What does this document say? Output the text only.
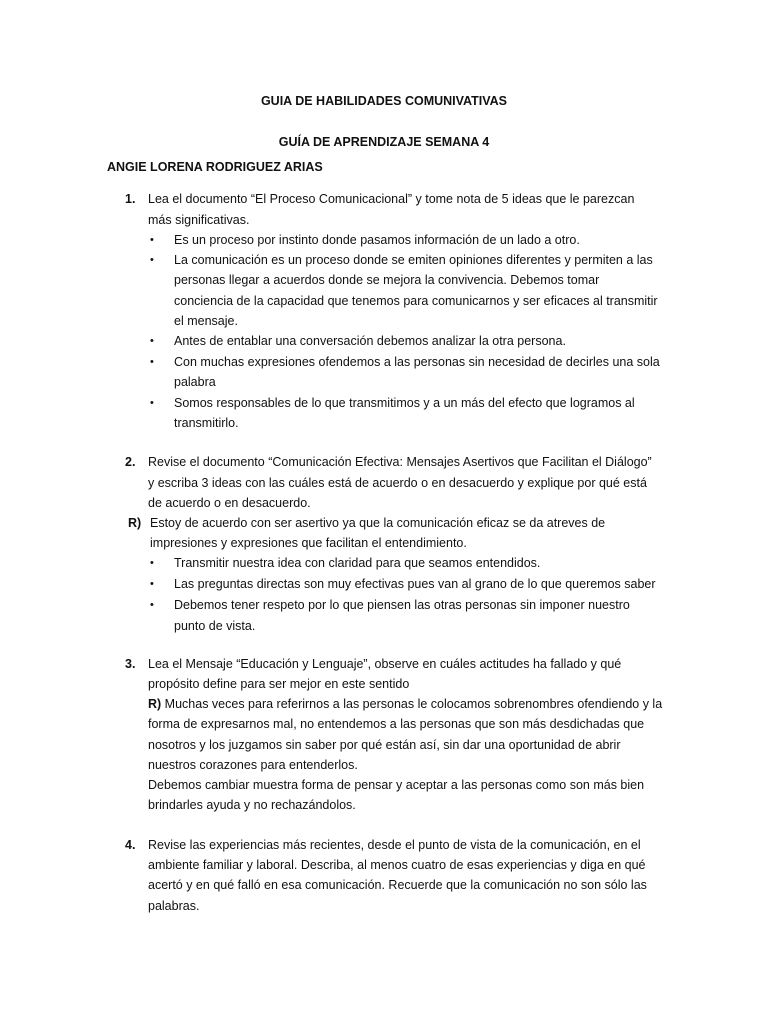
GUIA DE HABILIDADES COMUNIVATIVAS
GUÍA DE APRENDIZAJE SEMANA 4
ANGIE LORENA RODRIGUEZ ARIAS
1. Lea el documento “El Proceso Comunicacional” y tome nota de 5 ideas que le parezcan
más significativas.
• Es un proceso por instinto donde pasamos información de un lado a otro.
• La comunicación es un proceso donde se emiten opiniones diferentes y permiten a las
personas llegar a acuerdos donde se mejora la convivencia. Debemos tomar
conciencia de la capacidad que tenemos para comunicarnos y ser eficaces al transmitir
el mensaje.
• Antes de entablar una conversación debemos analizar la otra persona.
• Con muchas expresiones ofendemos a las personas sin necesidad de decirles una sola
palabra
• Somos responsables de lo que transmitimos y a un más del efecto que logramos al
transmitirlo.
2. Revise el documento “Comunicación Efectiva: Mensajes Asertivos que Facilitan el Diálogo”
y escriba 3 ideas con las cuáles está de acuerdo o en desacuerdo y explique por qué está
de acuerdo o en desacuerdo.
R) Estoy de acuerdo con ser asertivo ya que la comunicación eficaz se da atreves de
impresiones y expresiones que facilitan el entendimiento.
• Transmitir nuestra idea con claridad para que seamos entendidos.
• Las preguntas directas son muy efectivas pues van al grano de lo que queremos saber
• Debemos tener respeto por lo que piensen las otras personas sin imponer nuestro
punto de vista.
3. Lea el Mensaje “Educación y Lenguaje”, observe en cuáles actitudes ha fallado y qué
propósito define para ser mejor en este sentido
R) Muchas veces para referirnos a las personas le colocamos sobrenombres ofendiendo y la
forma de expresarnos mal, no entendemos a las personas que son más desdichadas que
nosotros y los juzgamos sin saber por qué están así, sin dar una oportunidad de abrir
nuestros corazones para entenderlos.
Debemos cambiar muestra forma de pensar y aceptar a las personas como son más bien
brindarles ayuda y no rechazándolos.
4. Revise las experiencias más recientes, desde el punto de vista de la comunicación, en el
ambiente familiar y laboral. Describa, al menos cuatro de esas experiencias y diga en qué
acertó y en qué falló en esa comunicación. Recuerde que la comunicación no son sólo las
palabras.
